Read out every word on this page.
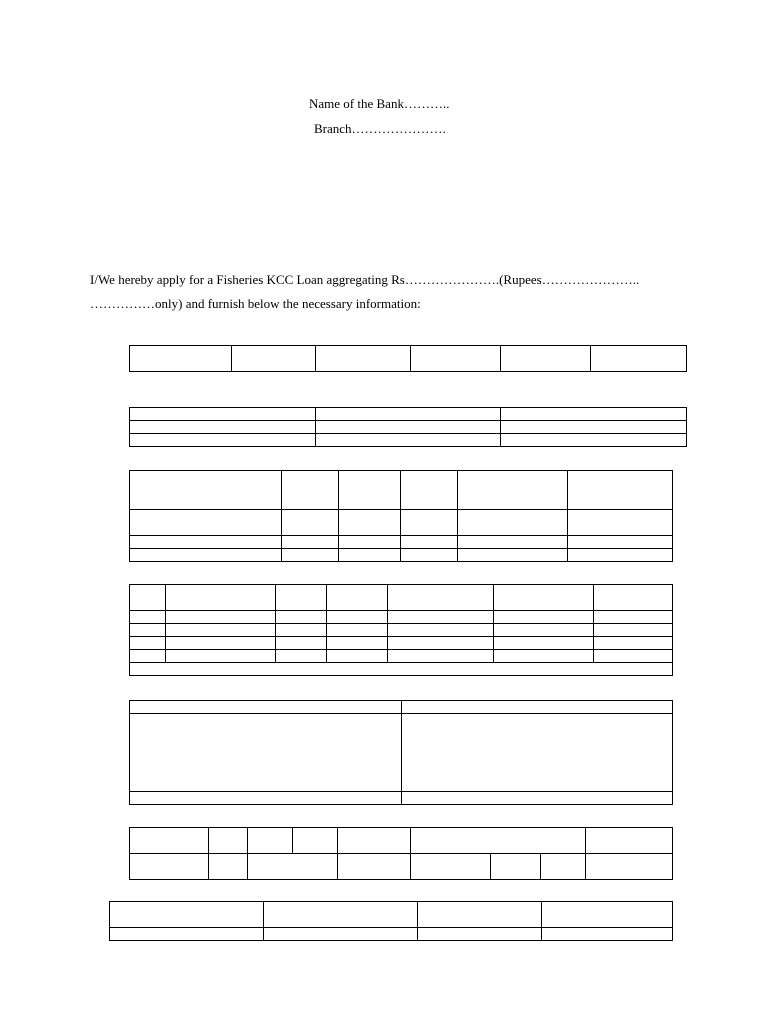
Name of the Bank………..
Branch………………….
I/We hereby apply for a Fisheries KCC Loan aggregating Rs………………….(Rupees…………………..
……………only) and furnish below the necessary information:
